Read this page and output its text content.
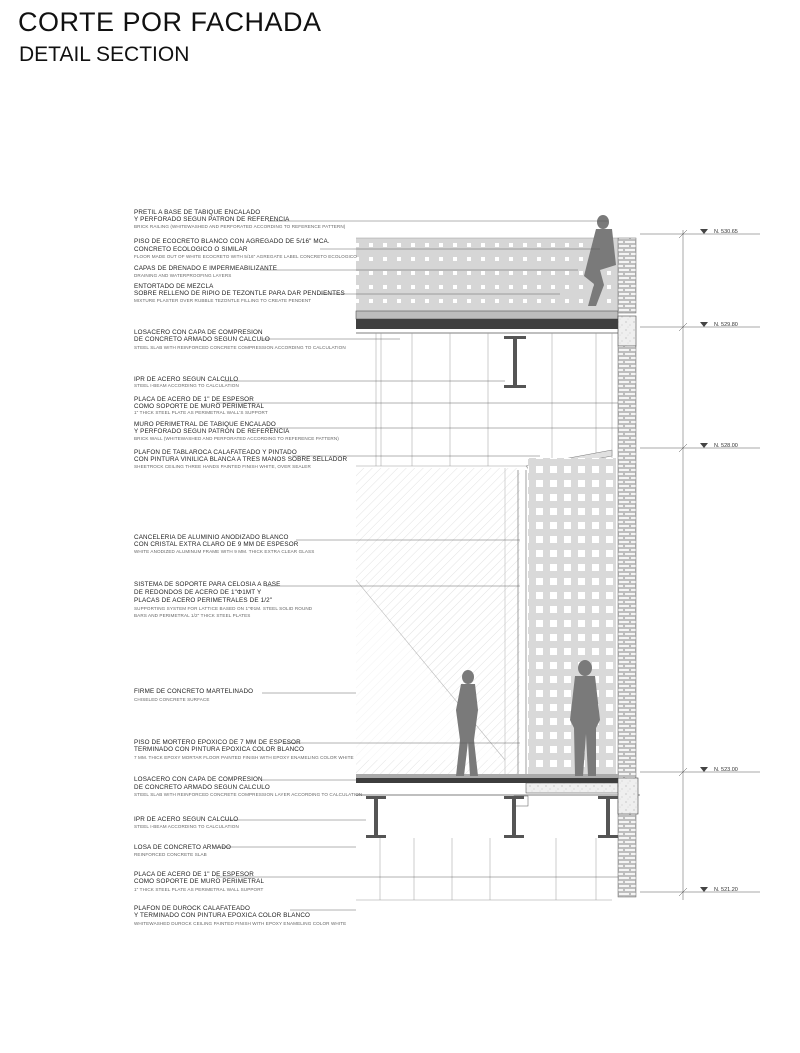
CORTE POR FACHADA
DETAIL SECTION
N. 530.65
N. 529.80
N. 528.00
N. 523.00
N. 521.20
PRETIL A BASE DE TABIQUE ENCALADO
Y PERFORADO SEGUN PATRON DE REFERENCIA
BRICK RAILING (WHITEWASHED AND PERFORATED ACCORDING TO REFERENCE PATTERN)
PISO DE ECOCRETO BLANCO CON AGREGADO DE 5/16" MCA.
CONCRETO ECOLOGICO O SIMILAR
FLOOR MADE OUT OF WHITE ECOCRETO WITH 5/16" AGREGATE LABEL CONCRETO ECOLOGICO
CAPAS DE DRENADO E IMPERMEABILIZANTE
DRAINING AND WATERPROOFING LAYERS
ENTORTADO DE MEZCLA
SOBRE RELLENO DE RIPIO DE TEZONTLE PARA DAR PENDIENTES
MIXTURE PLASTER OVER RUBBLE TEZONTLE FILLING TO CREATE PENDENT
LOSACERO CON CAPA DE COMPRESION
DE CONCRETO ARMADO SEGUN CALCULO
STEEL SLAB WITH REINFORCED CONCRETE COMPRESSION ACCORDING TO CALCULATION
IPR DE ACERO SEGUN CALCULO
STEEL I-BEAM ACCORDING TO CALCULATION
PLACA DE ACERO DE 1" DE ESPESOR
COMO SOPORTE DE MURO PERIMETRAL
1" THICK STEEL PLATE AS PERIMETRAL WALL'S SUPPORT
MURO PERIMETRAL DE TABIQUE ENCALADO
Y PERFORADO SEGUN PATRON DE REFERENCIA
BRICK WALL (WHITEWASHED AND PERFORATED ACCORDING TO REFERENCE PATTERN)
PLAFON DE TABLAROCA CALAFATEADO Y PINTADO
CON PINTURA VINILICA BLANCA A TRES MANOS SOBRE SELLADOR
SHEETROCK CEILING THREE HANDS PAINTED FINISH WHITE, OVER SEALER
CANCELERIA DE ALUMINIO ANODIZADO BLANCO
CON CRISTAL EXTRA CLARO DE 9 MM DE ESPESOR
WHITE ANODIZED ALUMINUM FRAME WITH 9 MM. THICK EXTRA CLEAR GLASS
SISTEMA DE SOPORTE PARA CELOSIA A BASE
DE REDONDOS DE ACERO DE 1"Φ1MT Y
PLACAS DE ACERO PERIMETRALES DE 1/2"
SUPPORTING SYSTEM FOR LATTICE BASED ON 1"Φ1M. STEEL SOLID ROUND
BARS AND PERIMETRAL 1/2" THICK STEEL PLATES
FIRME DE CONCRETO MARTELINADO
CHISELED CONCRETE SURFACE
PISO DE MORTERO EPOXICO DE 7 MM DE ESPESOR
TERMINADO CON PINTURA EPOXICA COLOR BLANCO
7 MM. THICK EPOXY MORTAR FLOOR PAINTED FINISH WITH EPOXY ENAMELING COLOR WHITE
LOSACERO CON CAPA DE COMPRESION
DE CONCRETO ARMADO SEGUN CALCULO
STEEL SLAB WITH REINFORCED CONCRETE COMPRESSION LAYER ACCORDING TO CALCULATION
IPR DE ACERO SEGUN CALCULO
STEEL I-BEAM ACCORDING TO CALCULATION
LOSA DE CONCRETO ARMADO
REINFORCED CONCRETE SLAB
PLACA DE ACERO DE 1" DE ESPESOR
COMO SOPORTE DE MURO PERIMETRAL
1" THICK STEEL PLATE AS PERIMETRAL WALL SUPPORT
PLAFON DE DUROCK CALAFATEADO
Y TERMINADO CON PINTURA EPOXICA COLOR BLANCO
WHITEWASHED DUROCK CEILING PAINTED FINISH WITH EPOXY ENAMELING COLOR WHITE
